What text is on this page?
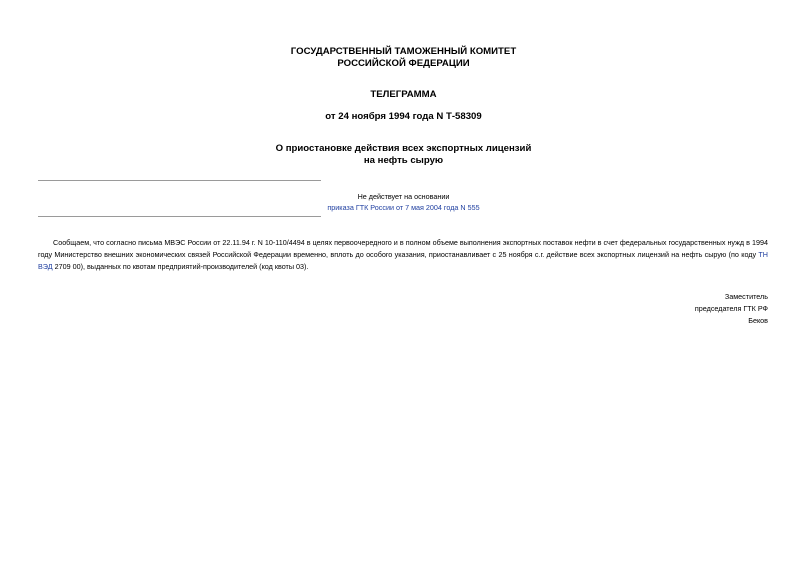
ГОСУДАРСТВЕННЫЙ ТАМОЖЕННЫЙ КОМИТЕТ
РОССИЙСКОЙ ФЕДЕРАЦИИ
ТЕЛЕГРАММА
от 24 ноября 1994 года N Т-58309
О приостановке действия всех экспортных лицензий
на нефть сырую
Не действует на основании
приказа ГТК России от 7 мая 2004 года N 555

Сообщаем, что согласно письма МВЭС России от 22.11.94 г. N 10-110/4494 в целях первоочередного и в полном объеме выполнения экспортных поставок нефти в счет федеральных государственных нужд в 1994 году Министерство внешних экономических связей Российской Федерации временно, вплоть до особого указания, приостанавливает с 25 ноября с.г. действие всех экспортных лицензий на нефть сырую (по коду ТН ВЭД 2709 00), выданных по квотам предприятий-производителей (код квоты 03).

Заместитель
председателя ГТК РФ
Беков
